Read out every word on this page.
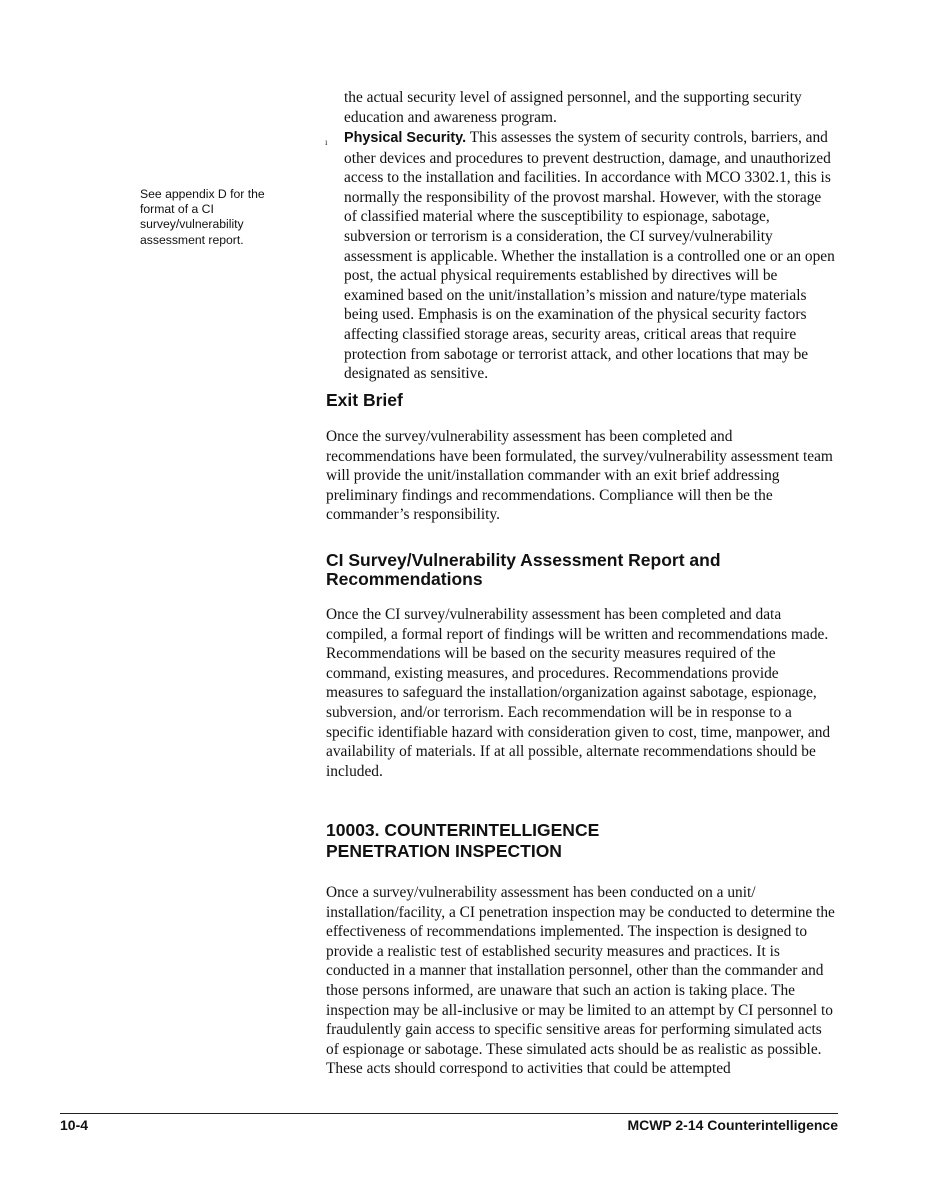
See appendix D for the format of a CI survey/vulnerability assessment report.

the actual security level of assigned personnel, and the supporting security education and awareness program.

ı Physical Security. This assesses the system of security controls, barriers, and other devices and procedures to prevent destruction, damage, and unauthorized access to the installation and facilities. In accordance with MCO 3302.1, this is normally the responsibility of the provost marshal. However, with the storage of classified material where the susceptibility to espionage, sabotage, subversion or terrorism is a consideration, the CI survey/vulnerability assessment is applicable. Whether the installation is a controlled one or an open post, the actual physical requirements established by directives will be examined based on the unit/installation’s mission and nature/type materials being used. Emphasis is on the examination of the physical security factors affecting classified storage areas, security areas, critical areas that require protection from sabotage or terrorist attack, and other locations that may be designated as sensitive.

Exit Brief

Once the survey/vulnerability assessment has been completed and recommendations have been formulated, the survey/vulnerability assessment team will provide the unit/installation commander with an exit brief addressing preliminary findings and recommendations. Compliance will then be the commander’s responsibility.

CI Survey/Vulnerability Assessment Report and
Recommendations

Once the CI survey/vulnerability assessment has been completed and data compiled, a formal report of findings will be written and recommendations made. Recommendations will be based on the security measures required of the command, existing measures, and procedures. Recommendations provide measures to safeguard the installation/organization against sabotage, espionage, subversion, and/or terrorism. Each recommendation will be in response to a specific identifiable hazard with consideration given to cost, time, manpower, and availability of materials. If at all possible, alternate recommendations should be included.

10003. COUNTERINTELLIGENCE
PENETRATION INSPECTION

Once a survey/vulnerability assessment has been conducted on a unit/ installation/facility, a CI penetration inspection may be conducted to determine the effectiveness of recommendations implemented. The inspection is designed to provide a realistic test of established security measures and practices. It is conducted in a manner that installation personnel, other than the commander and those persons informed, are unaware that such an action is taking place. The inspection may be all-inclusive or may be limited to an attempt by CI personnel to fraudulently gain access to specific sensitive areas for performing simulated acts of espionage or sabotage. These simulated acts should be as realistic as possible. These acts should correspond to activities that could be attempted

10-4	MCWP 2-14 Counterintelligence
